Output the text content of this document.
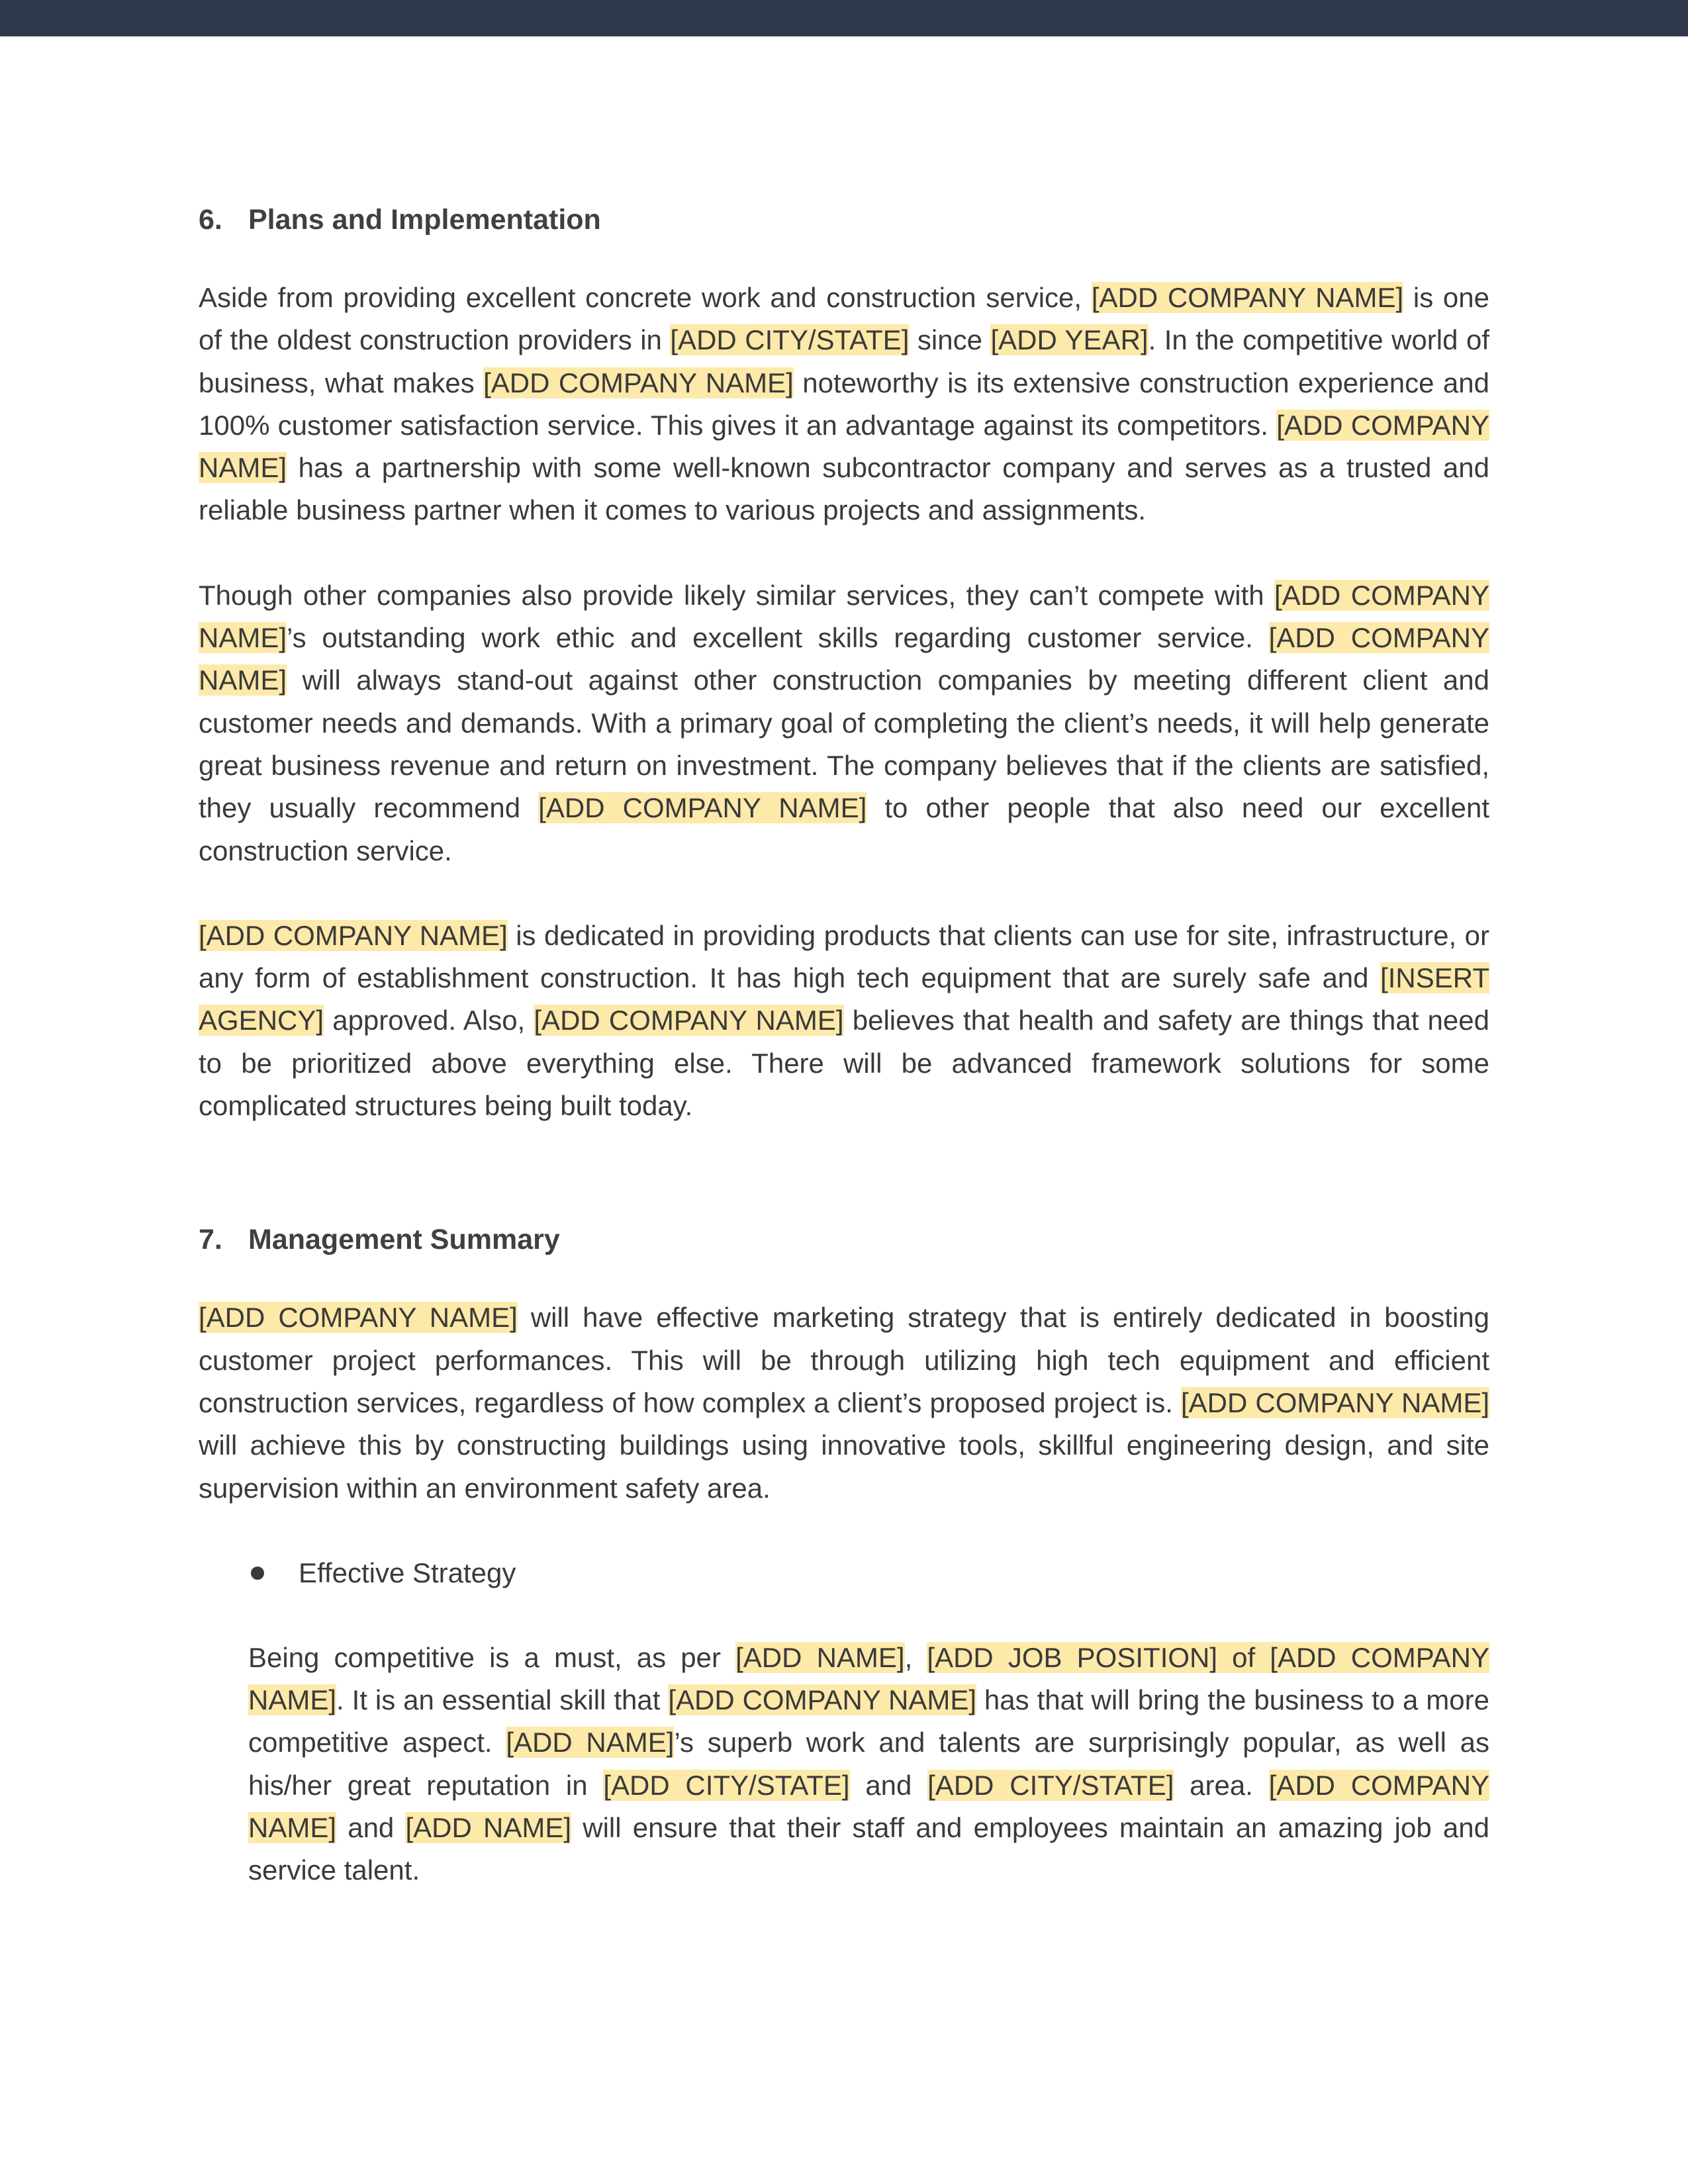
6. Plans and Implementation

Aside from providing excellent concrete work and construction service, [ADD COMPANY NAME] is one of the oldest construction providers in [ADD CITY/STATE] since [ADD YEAR]. In the competitive world of business, what makes [ADD COMPANY NAME] noteworthy is its extensive construction experience and 100% customer satisfaction service. This gives it an advantage against its competitors. [ADD COMPANY NAME] has a partnership with some well-known subcontractor company and serves as a trusted and reliable business partner when it comes to various projects and assignments.

Though other companies also provide likely similar services, they can’t compete with [ADD COMPANY NAME]’s outstanding work ethic and excellent skills regarding customer service. [ADD COMPANY NAME] will always stand-out against other construction companies by meeting different client and customer needs and demands. With a primary goal of completing the client’s needs, it will help generate great business revenue and return on investment. The company believes that if the clients are satisfied, they usually recommend [ADD COMPANY NAME] to other people that also need our excellent construction service.

[ADD COMPANY NAME] is dedicated in providing products that clients can use for site, infrastructure, or any form of establishment construction. It has high tech equipment that are surely safe and [INSERT AGENCY] approved. Also, [ADD COMPANY NAME] believes that health and safety are things that need to be prioritized above everything else. There will be advanced framework solutions for some complicated structures being built today.

7. Management Summary

[ADD COMPANY NAME] will have effective marketing strategy that is entirely dedicated in boosting customer project performances. This will be through utilizing high tech equipment and efficient construction services, regardless of how complex a client’s proposed project is. [ADD COMPANY NAME] will achieve this by constructing buildings using innovative tools, skillful engineering design, and site supervision within an environment safety area.

Effective Strategy

Being competitive is a must, as per [ADD NAME], [ADD JOB POSITION] of [ADD COMPANY NAME]. It is an essential skill that [ADD COMPANY NAME] has that will bring the business to a more competitive aspect. [ADD NAME]’s superb work and talents are surprisingly popular, as well as his/her great reputation in [ADD CITY/STATE] and [ADD CITY/STATE] area. [ADD COMPANY NAME] and [ADD NAME] will ensure that their staff and employees maintain an amazing job and service talent.
